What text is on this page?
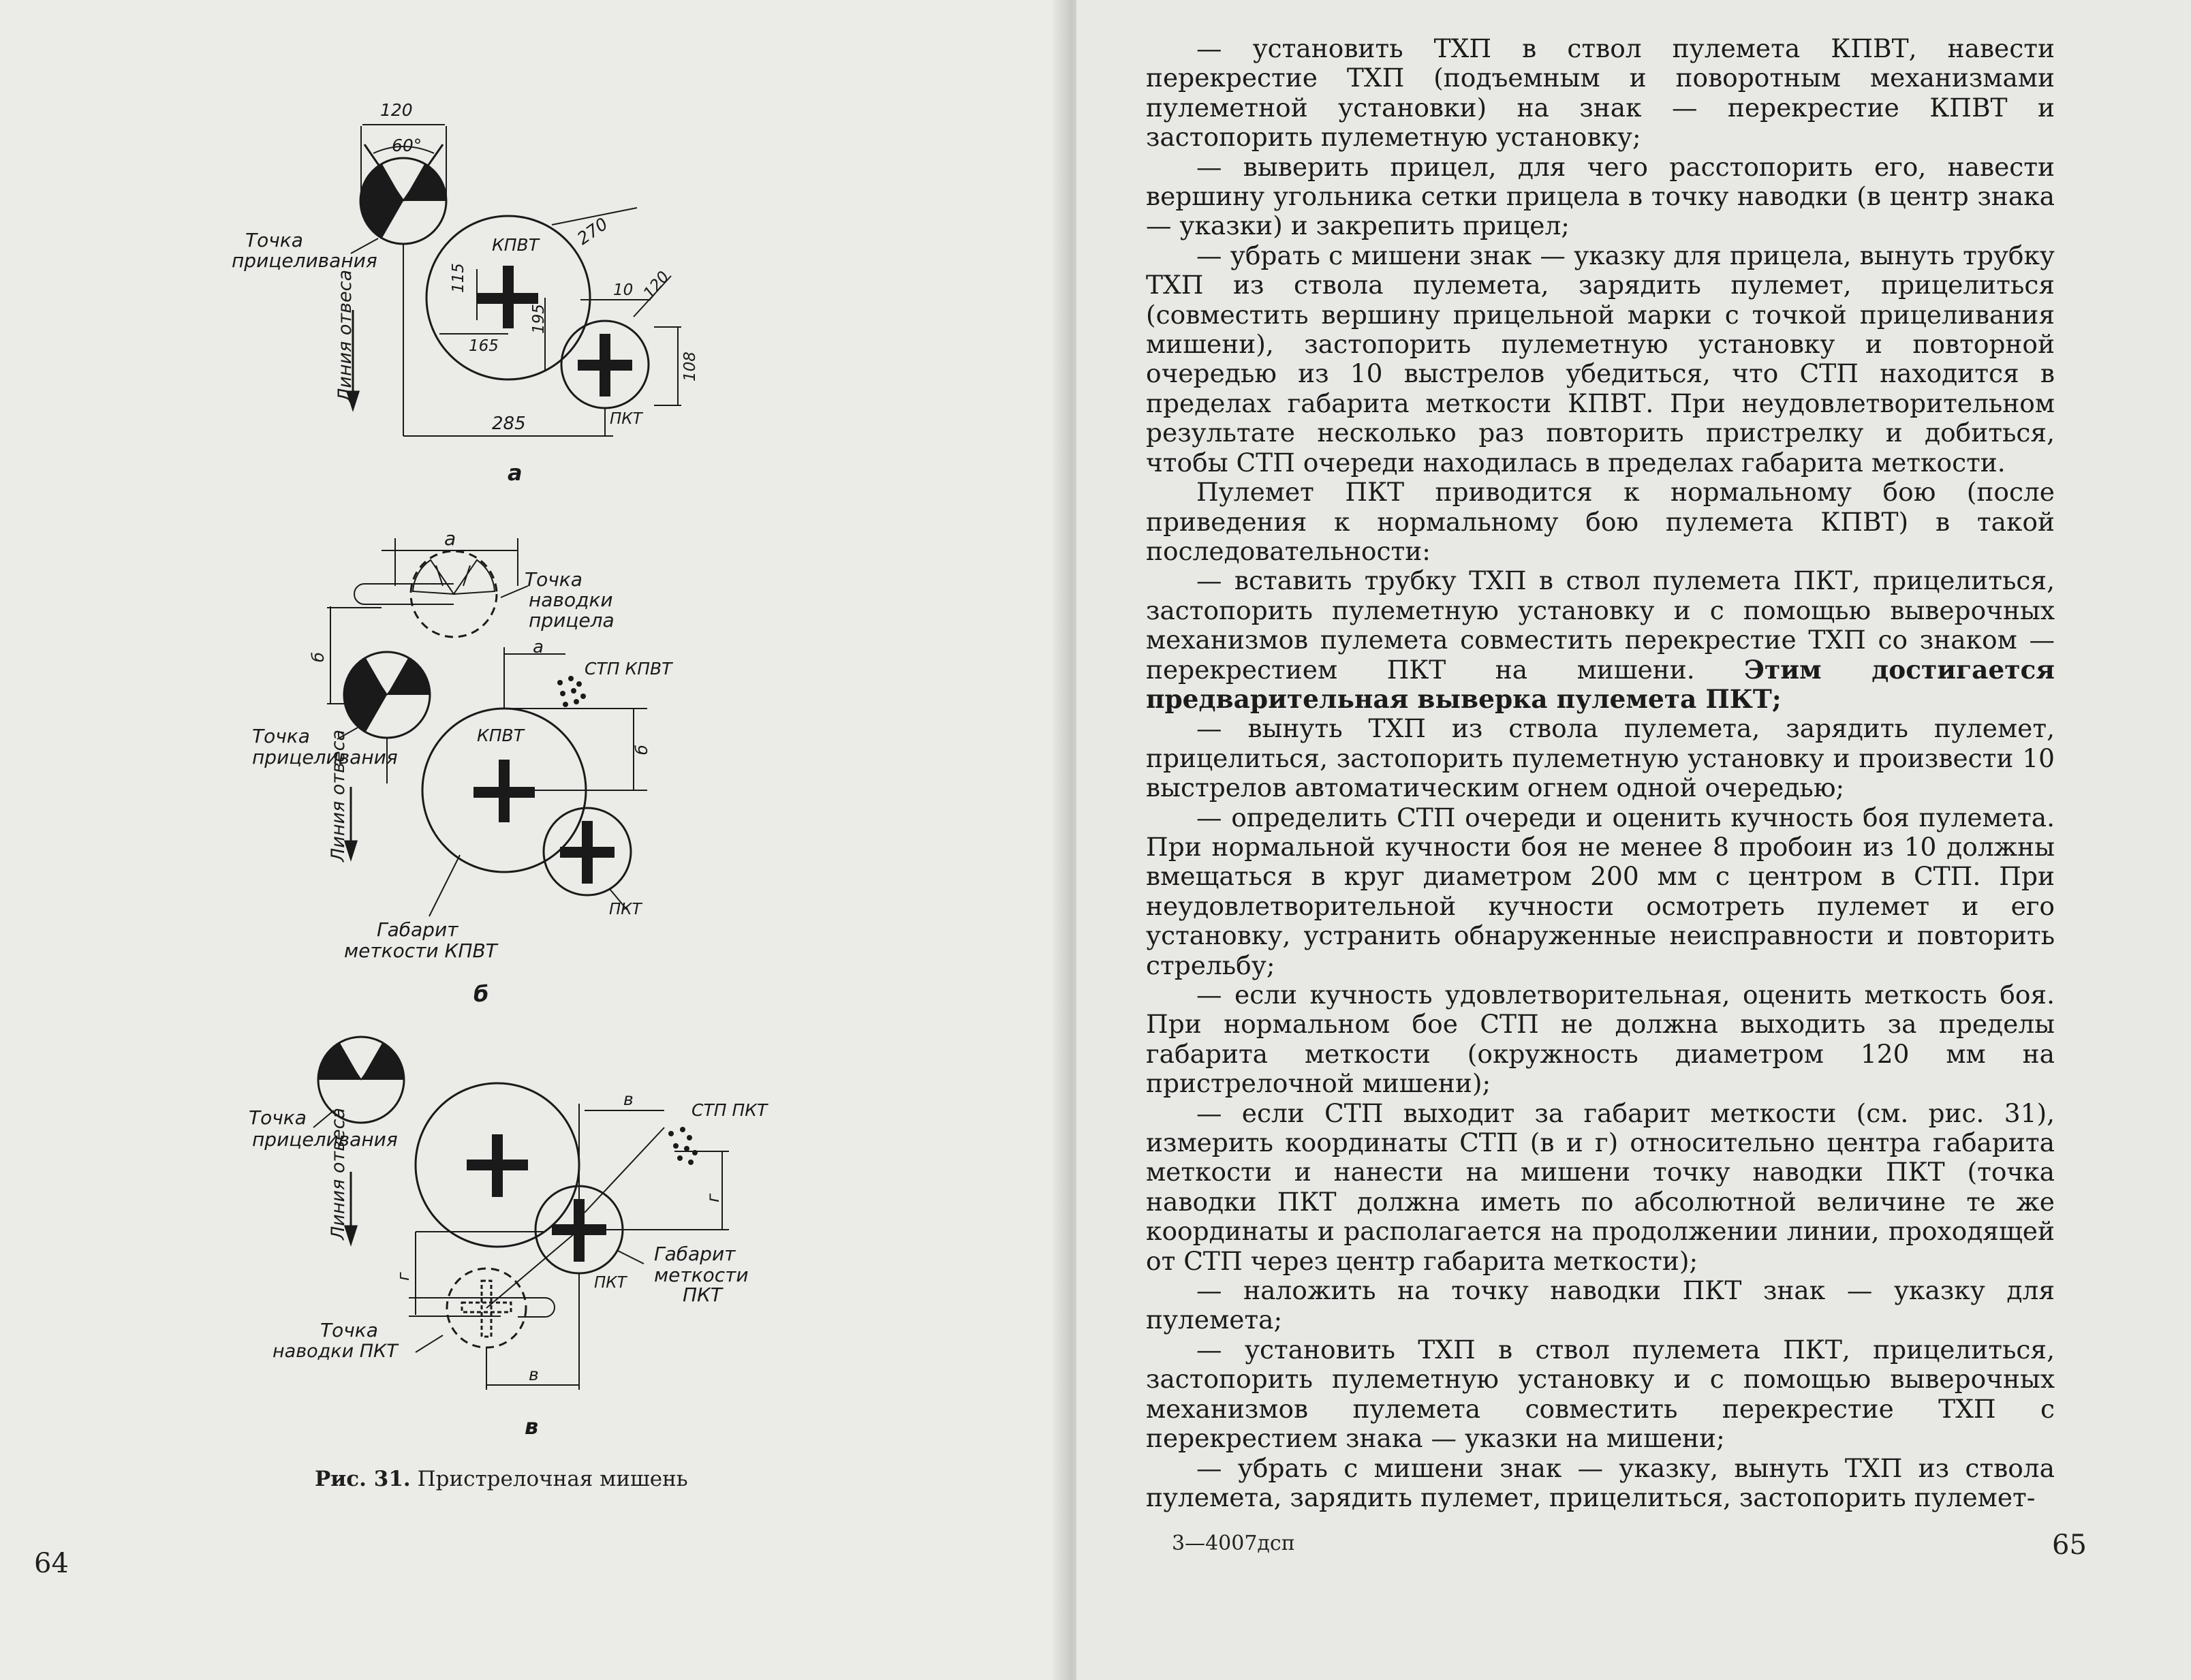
120
60°
Точка
прицеливания
КПВТ 270
115	10 120
165
195
108
285	ПКТ
Линия отвеса
а
а
Точка
наводки
прицела
б	а
СТП КПВТ
б
Точка
прицеливания
КПВТ
Линия отвеса
ПКТ
Габарит
меткости КПВТ
б
Точка
прицеливания
Линия отвеса
в
СТП ПКТ
г
Габарит
меткости
ПКТ
ПКТ
г
Точка
наводки ПКТ
в
в
Рис. 31. Пристрелочная мишень
64

— установить ТХП в ствол пулемета КПВТ, навести перекрестие ТХП (подъемным и поворотным механизмами пулеметной установки) на знак — перекрестие КПВТ и застопорить пулеметную установку;

— выверить прицел, для чего расстопорить его, навести вершину угольника сетки прицела в точку наводки (в центр знака — указки) и закрепить прицел;

— убрать с мишени знак — указку для прицела, вынуть трубку ТХП из ствола пулемета, зарядить пулемет, прицелиться (совместить вершину прицельной марки с точкой прицеливания мишени), застопорить пулеметную установку и повторной очередью из 10 выстрелов убедиться, что СТП находится в пределах габарита меткости КПВТ. При неудовлетворительном результате несколько раз повторить пристрелку и добиться, чтобы СТП очереди находилась в пределах габарита меткости.

Пулемет ПКТ приводится к нормальному бою (после приведения к нормальному бою пулемета КПВТ) в такой последовательности:

— вставить трубку ТХП в ствол пулемета ПКТ, прицелиться, застопорить пулеметную установку и с помощью выверочных механизмов пулемета совместить перекрестие ТХП со знаком — перекрестием ПКТ на мишени. Этим достигается предварительная выверка пулемета ПКТ;

— вынуть ТХП из ствола пулемета, зарядить пулемет, прицелиться, застопорить пулеметную установку и произвести 10 выстрелов автоматическим огнем одной очередью;

— определить СТП очереди и оценить кучность боя пулемета. При нормальной кучности боя не менее 8 пробоин из 10 должны вмещаться в круг диаметром 200 мм с центром в СТП. При неудовлетворительной кучности осмотреть пулемет и его установку, устранить обнаруженные неисправности и повторить стрельбу;

— если кучность удовлетворительная, оценить меткость боя. При нормальном бое СТП не должна выходить за пределы габарита меткости (окружность диаметром 120 мм на пристрелочной мишени);

— если СТП выходит за габарит меткости (см. рис. 31), измерить координаты СТП (в и г) относительно центра габарита меткости и нанести на мишени точку наводки ПКТ (точка наводки ПКТ должна иметь по абсолютной величине те же координаты и располагается на продолжении линии, проходящей от СТП через центр габарита меткости);

— наложить на точку наводки ПКТ знак — указку для пулемета;

— установить ТХП в ствол пулемета ПКТ, прицелиться, застопорить пулеметную установку и с помощью выверочных механизмов пулемета совместить перекрестие ТХП с перекрестием знака — указки на мишени;

— убрать с мишени знак — указку, вынуть ТХП из ствола пулемета, зарядить пулемет, прицелиться, застопорить пулемет-

3—4007дсп	65
